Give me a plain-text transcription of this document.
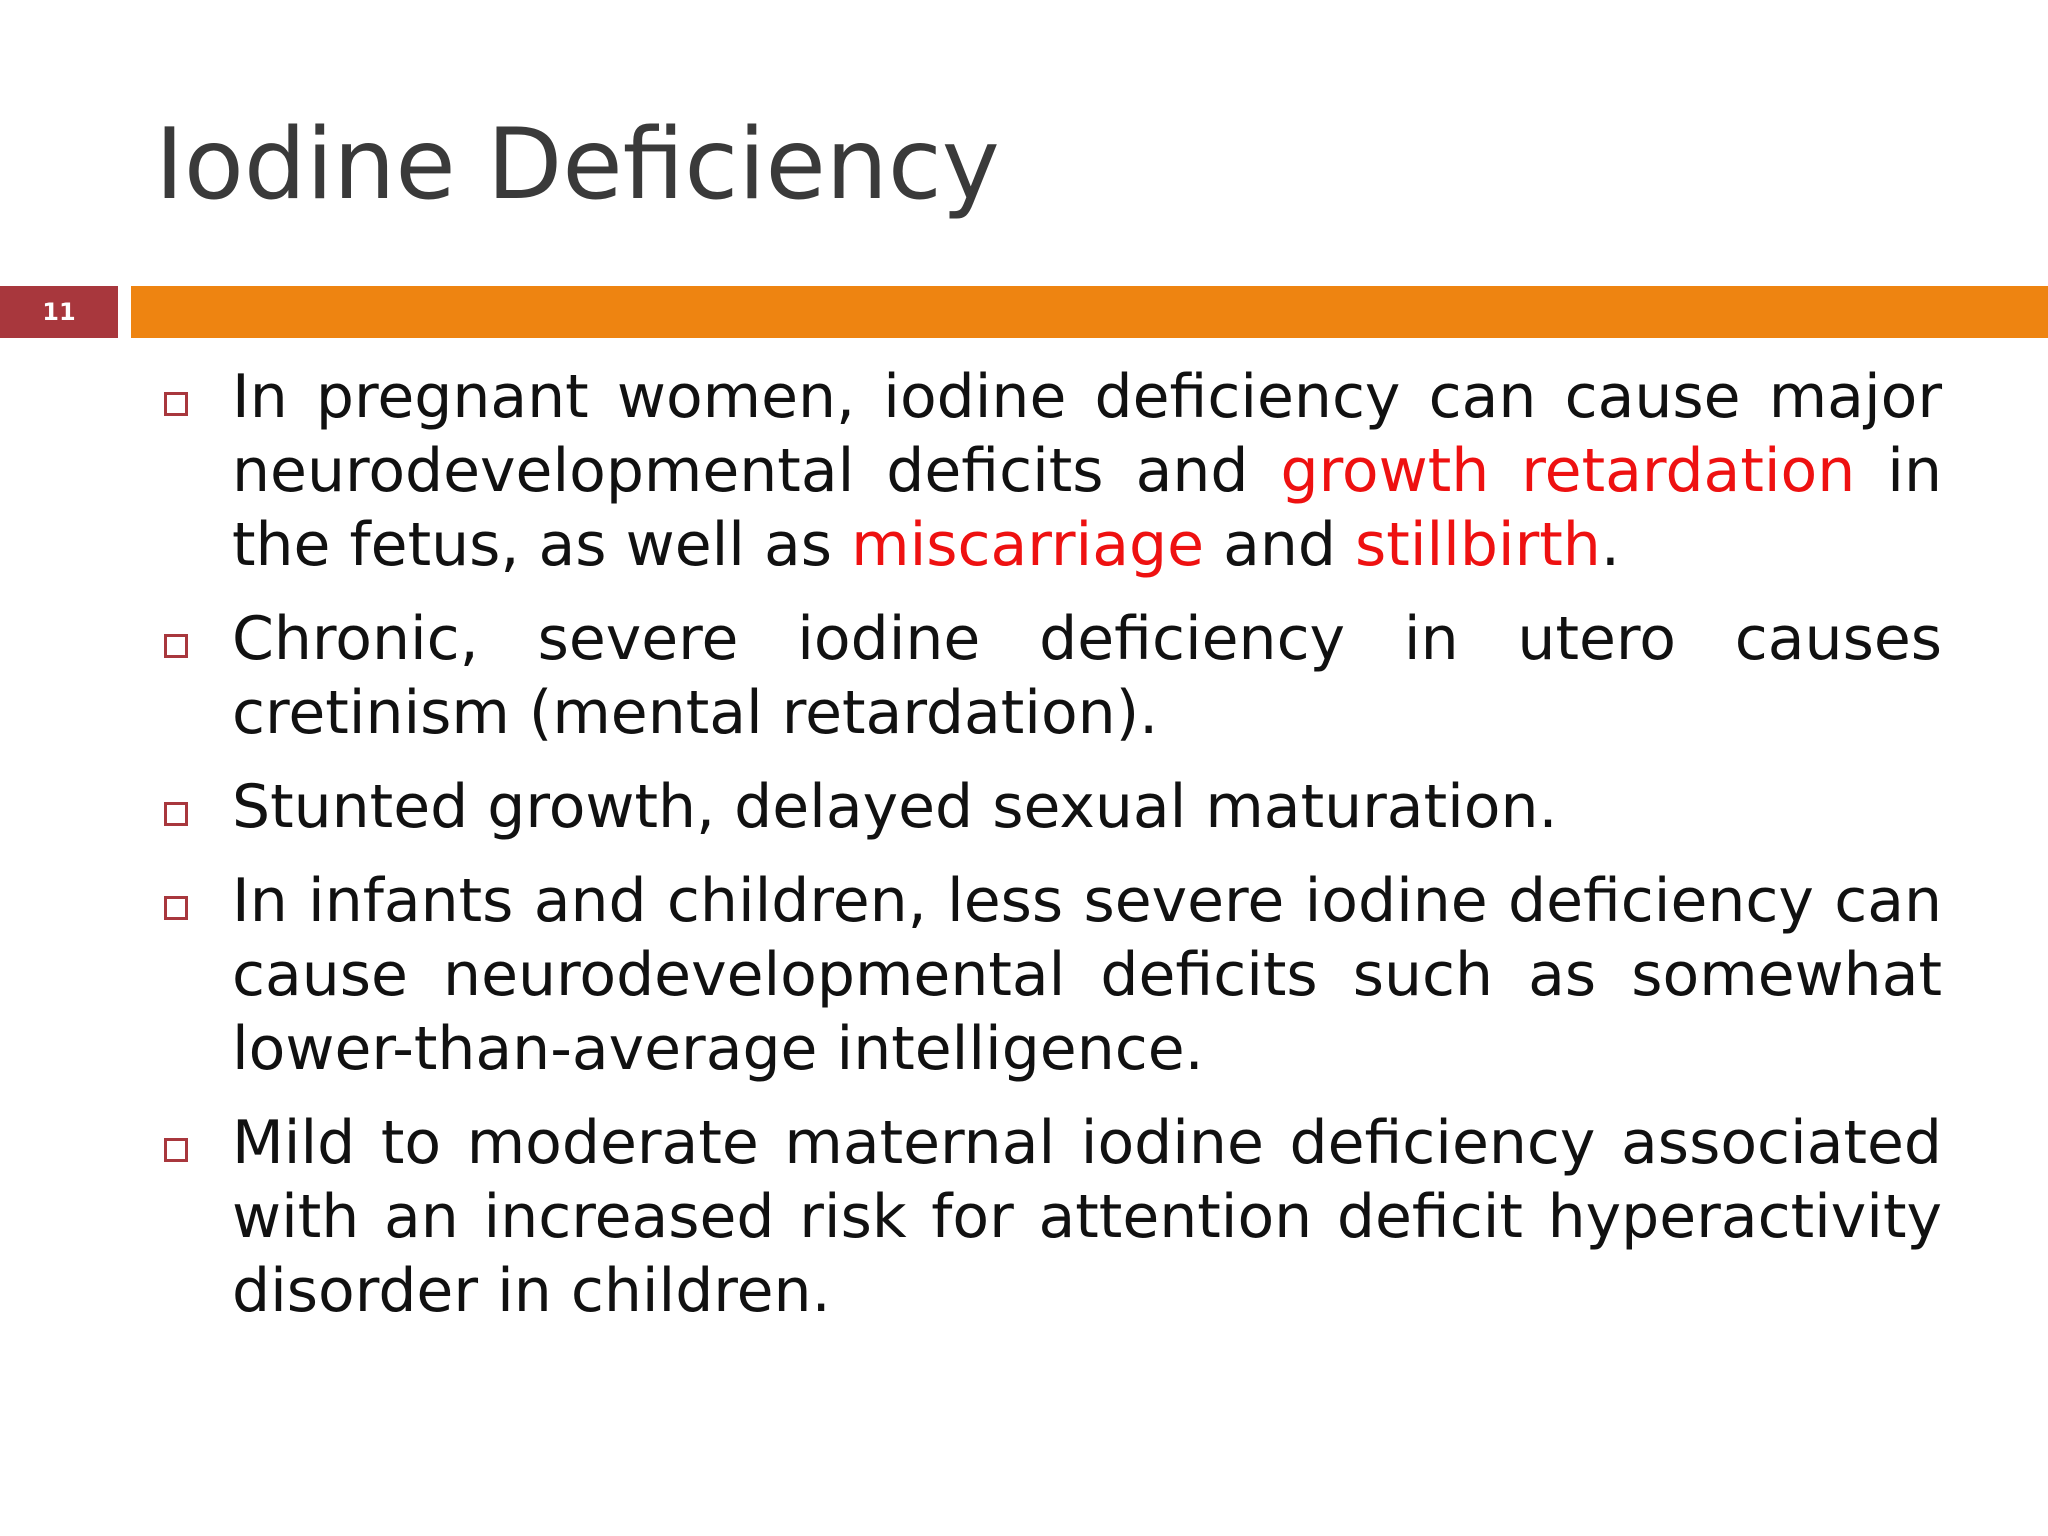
Iodine Deficiency
11
In pregnant women, iodine deficiency can cause major neurodevelopmental deficits and growth retardation in the fetus, as well as miscarriage and stillbirth.
Chronic, severe iodine deficiency in utero causes cretinism (mental retardation).
Stunted growth, delayed sexual maturation.
In infants and children, less severe iodine deficiency can cause neurodevelopmental deficits such as somewhat lower-than-average intelligence.
Mild to moderate maternal iodine deficiency associated with an increased risk for attention deficit hyperactivity disorder in children.
